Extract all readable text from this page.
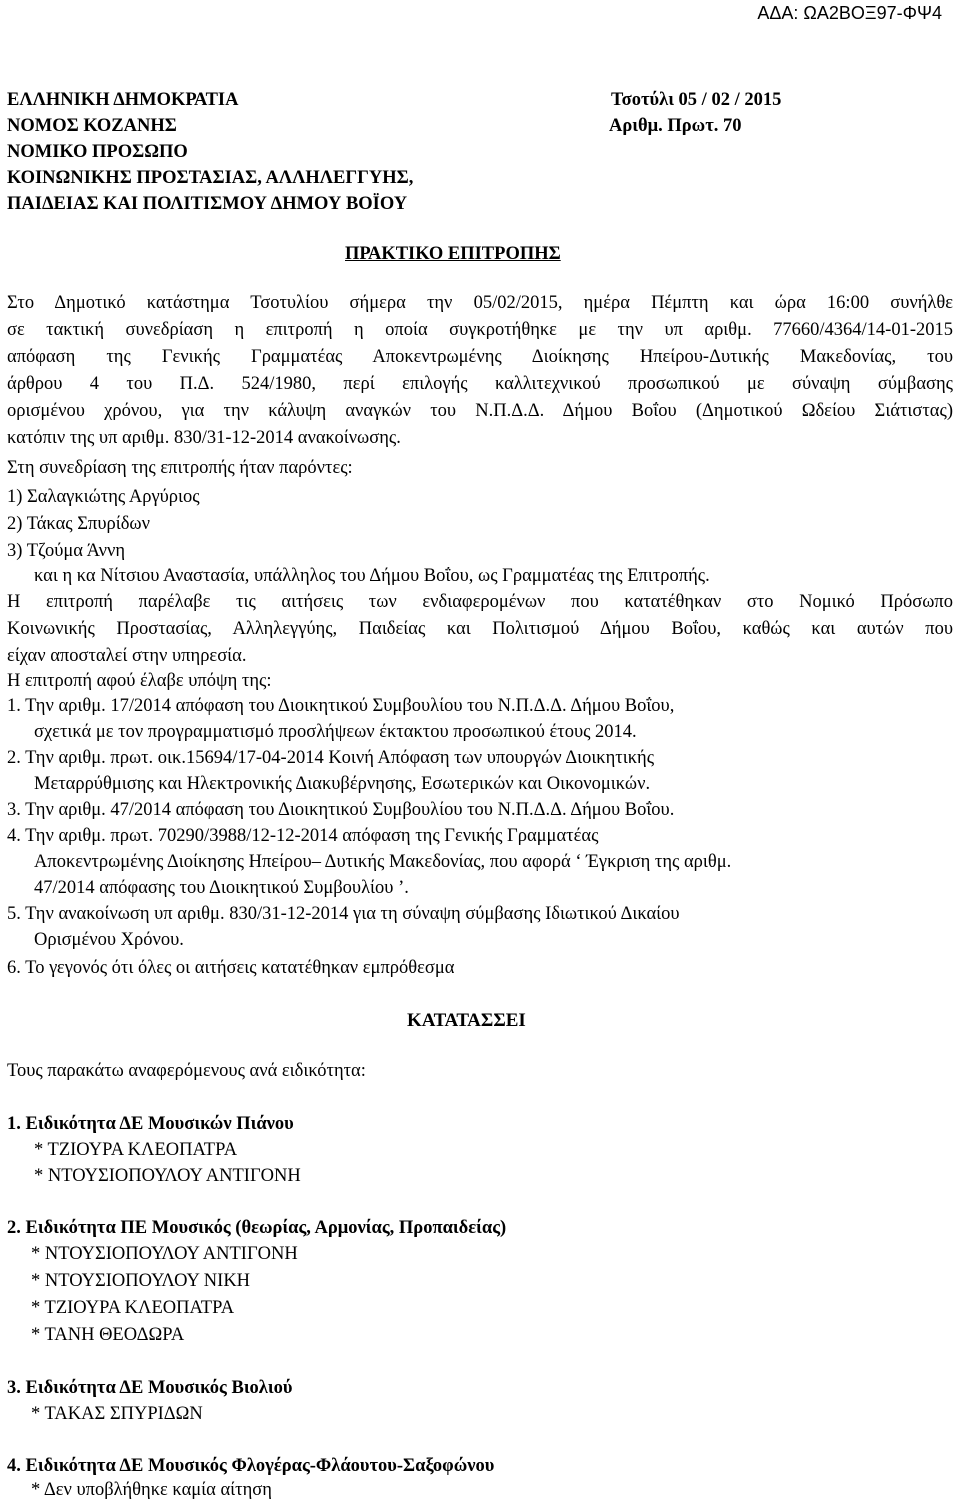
ΑΔΑ: ΩΑ2ΒΟΞ97-ΦΨ4
ΕΛΛΗΝΙΚΗ ΔΗΜΟΚΡΑΤΙΑ
ΝΟΜΟΣ ΚΟΖΑΝΗΣ
ΝΟΜΙΚΟ ΠΡΟΣΩΠΟ
ΚΟΙΝΩΝΙΚΗΣ ΠΡΟΣΤΑΣΙΑΣ, ΑΛΛΗΛΕΓΓΥΗΣ,
ΠΑΙΔΕΙΑΣ ΚΑΙ ΠΟΛΙΤΙΣΜΟΥ ΔΗΜΟΥ ΒΟΪΟΥ
Τσοτύλι 05 / 02 / 2015
Αριθμ. Πρωτ. 70
ΠΡΑΚΤΙΚΟ ΕΠΙΤΡΟΠΗΣ
Στο Δημοτικό κατάστημα Τσοτυλίου σήμερα την 05/02/2015, ημέρα Πέμπτη και ώρα 16:00 συνήλθε
σε τακτική συνεδρίαση η επιτροπή η οποία συγκροτήθηκε με την υπ αριθμ. 77660/4364/14-01-2015
απόφαση της Γενικής Γραμματέας Αποκεντρωμένης Διοίκησης Ηπείρου-Δυτικής Μακεδονίας, του
άρθρου 4 του Π.Δ. 524/1980, περί επιλογής καλλιτεχνικού προσωπικού με σύναψη σύμβασης
ορισμένου χρόνου, για την κάλυψη αναγκών του Ν.Π.Δ.Δ. Δήμου Βοΐου (Δημοτικού Ωδείου Σιάτιστας)
κατόπιν της υπ αριθμ. 830/31-12-2014 ανακοίνωσης.
Στη συνεδρίαση της επιτροπής ήταν παρόντες:
1) Σαλαγκιώτης Αργύριος
2) Τάκας Σπυρίδων
3) Τζούμα Άννη
και η κα Νίτσιου Αναστασία, υπάλληλος του Δήμου Βοΐου, ως Γραμματέας της Επιτροπής.
Η επιτροπή παρέλαβε τις αιτήσεις των ενδιαφερομένων που κατατέθηκαν στο Νομικό Πρόσωπο
Κοινωνικής Προστασίας, Αλληλεγγύης, Παιδείας και Πολιτισμού Δήμου Βοΐου, καθώς και αυτών που
είχαν αποσταλεί στην υπηρεσία.
Η επιτροπή αφού έλαβε υπόψη της:
1. Την αριθμ. 17/2014 απόφαση του Διοικητικού Συμβουλίου του Ν.Π.Δ.Δ. Δήμου Βοΐου,
σχετικά με τον προγραμματισμό προσλήψεων έκτακτου προσωπικού έτους 2014.
2. Την αριθμ. πρωτ. οικ.15694/17-04-2014 Κοινή Απόφαση των υπουργών Διοικητικής
Μεταρρύθμισης και Ηλεκτρονικής Διακυβέρνησης, Εσωτερικών και Οικονομικών.
3. Την αριθμ. 47/2014 απόφαση του Διοικητικού Συμβουλίου του Ν.Π.Δ.Δ. Δήμου Βοΐου.
4. Την αριθμ. πρωτ. 70290/3988/12-12-2014 απόφαση της Γενικής Γραμματέας
Αποκεντρωμένης Διοίκησης Ηπείρου– Δυτικής Μακεδονίας, που αφορά ‘ Έγκριση της αριθμ.
47/2014 απόφασης του Διοικητικού Συμβουλίου ’.
5. Την ανακοίνωση υπ αριθμ. 830/31-12-2014 για τη σύναψη σύμβασης Ιδιωτικού Δικαίου
Ορισμένου Χρόνου.
6. Το γεγονός ότι όλες οι αιτήσεις κατατέθηκαν εμπρόθεσμα
ΚΑΤΑΤΑΣΣΕΙ
Τους παρακάτω αναφερόμενους ανά ειδικότητα:
1. Ειδικότητα ΔΕ Μουσικών Πιάνου
* ΤΖΙΟΥΡΑ ΚΛΕΟΠΑΤΡΑ
* ΝΤΟΥΣΙΟΠΟΥΛΟΥ ΑΝΤΙΓΟΝΗ
2. Ειδικότητα ΠΕ Μουσικός (θεωρίας, Αρμονίας, Προπαιδείας)
* ΝΤΟΥΣΙΟΠΟΥΛΟΥ ΑΝΤΙΓΟΝΗ
* ΝΤΟΥΣΙΟΠΟΥΛΟΥ ΝΙΚΗ
* ΤΖΙΟΥΡΑ ΚΛΕΟΠΑΤΡΑ
* ΤΑΝΗ ΘΕΟΔΩΡΑ
3. Ειδικότητα ΔΕ Μουσικός Βιολιού
* ΤΑΚΑΣ ΣΠΥΡΙΔΩΝ
4. Ειδικότητα ΔΕ Μουσικός Φλογέρας-Φλάουτου-Σαξοφώνου
* Δεν υποβλήθηκε καμία αίτηση
